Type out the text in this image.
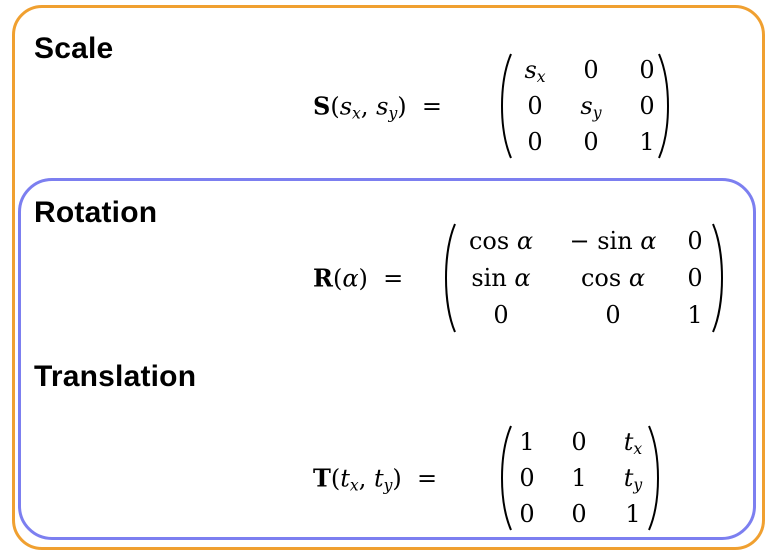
Scale
$S(s_x$, $s_y$)  =
$s_x$	0	0
0	$s_y$	0
0	0	1
Rotation
R(α)  =
cos α	− sin α	0
sin α	cos α	0
0	0	1
Translation
$T(t_x$, $t_y$)  =
1	0	$t_x$
0	1	$t_y$
0	0	1
